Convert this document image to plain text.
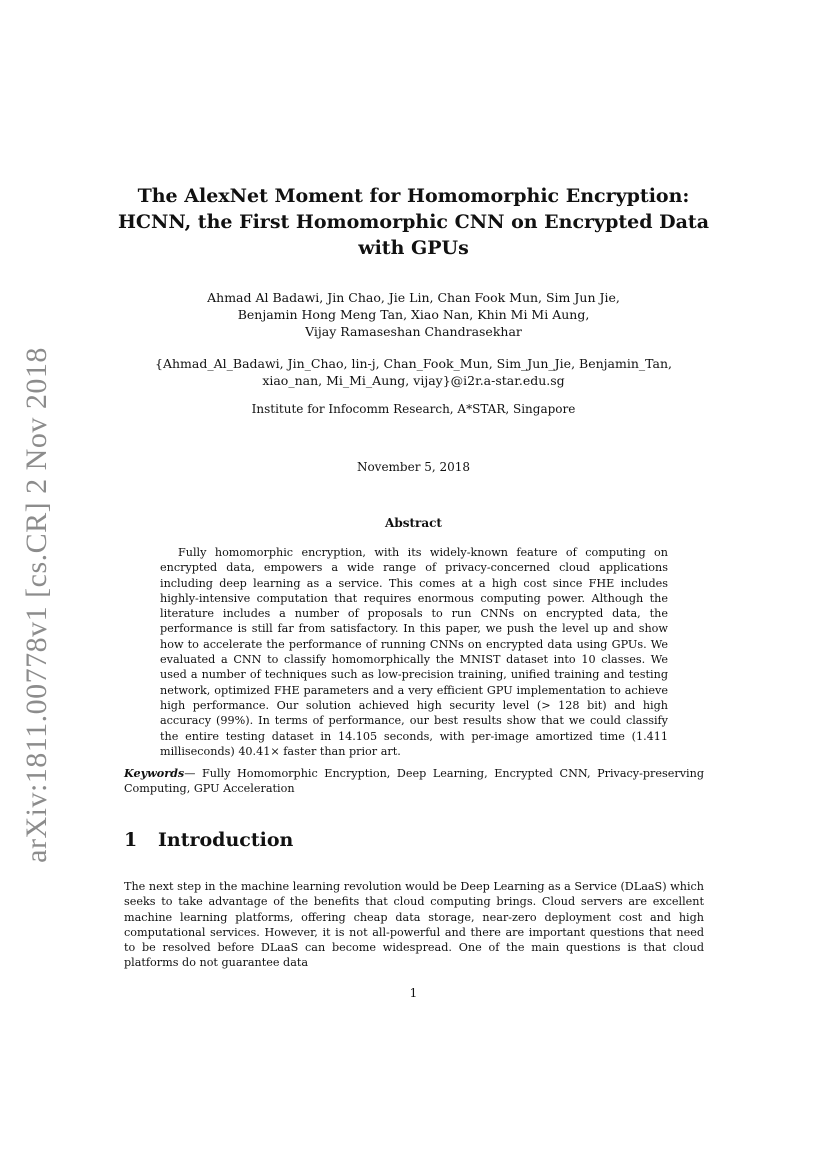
arXiv:1811.00778v1 [cs.CR] 2 Nov 2018
The AlexNet Moment for Homomorphic Encryption:
HCNN, the First Homomorphic CNN on Encrypted Data
with GPUs
Ahmad Al Badawi, Jin Chao, Jie Lin, Chan Fook Mun, Sim Jun Jie,
Benjamin Hong Meng Tan, Xiao Nan, Khin Mi Mi Aung,
Vijay Ramaseshan Chandrasekhar
{Ahmad_Al_Badawi, Jin_Chao, lin-j, Chan_Fook_Mun, Sim_Jun_Jie, Benjamin_Tan,
xiao_nan, Mi_Mi_Aung, vijay}@i2r.a-star.edu.sg
Institute for Infocomm Research, A*STAR, Singapore
November 5, 2018
Abstract

Fully homomorphic encryption, with its widely-known feature of computing on encrypted data, empowers a wide range of privacy-concerned cloud applications including deep learning as a service. This comes at a high cost since FHE includes highly-intensive computation that requires enormous computing power. Although the literature includes a number of proposals to run CNNs on encrypted data, the performance is still far from satisfactory. In this paper, we push the level up and show how to accelerate the performance of running CNNs on encrypted data using GPUs. We evaluated a CNN to classify homomorphically the MNIST dataset into 10 classes. We used a number of techniques such as low-precision training, unified training and testing network, optimized FHE parameters and a very efficient GPU implementation to achieve high performance. Our solution achieved high security level (> 128 bit) and high accuracy (99%). In terms of performance, our best results show that we could classify the entire testing dataset in 14.105 seconds, with per-image amortized time (1.411 milliseconds) 40.41× faster than prior art.

Keywords— Fully Homomorphic Encryption, Deep Learning, Encrypted CNN, Privacy-preserving Computing, GPU Acceleration

1 Introduction

The next step in the machine learning revolution would be Deep Learning as a Service (DLaaS) which seeks to take advantage of the benefits that cloud computing brings. Cloud servers are excellent machine learning platforms, offering cheap data storage, near-zero deployment cost and high computational services. However, it is not all-powerful and there are important questions that need to be resolved before DLaaS can become widespread. One of the main questions is that cloud platforms do not guarantee data

1
